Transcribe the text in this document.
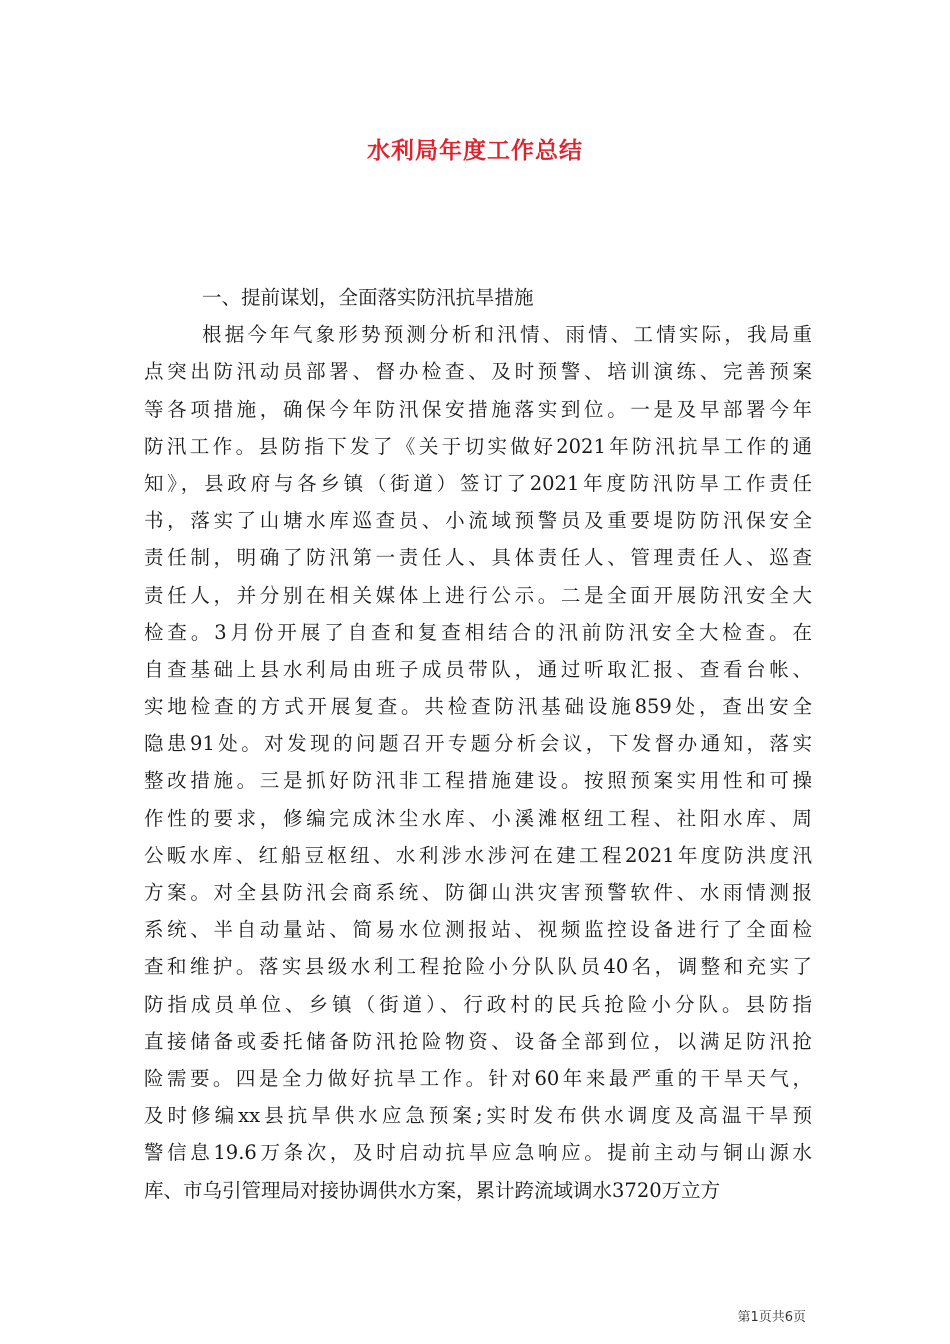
水利局年度工作总结
一、提前谋划，全面落实防汛抗旱措施
根据今年气象形势预测分析和汛情、雨情、工情实际，我局重
点突出防汛动员部署、督办检查、及时预警、培训演练、完善预案
等各项措施，确保今年防汛保安措施落实到位。一是及早部署今年
防汛工作。县防指下发了《关于切实做好2021年防汛抗旱工作的通
知》，县政府与各乡镇（街道）签订了2021年度防汛防旱工作责任
书，落实了山塘水库巡查员、小流域预警员及重要堤防防汛保安全
责任制，明确了防汛第一责任人、具体责任人、管理责任人、巡查
责任人，并分别在相关媒体上进行公示。二是全面开展防汛安全大
检查。3月份开展了自查和复查相结合的汛前防汛安全大检查。在
自查基础上县水利局由班子成员带队，通过听取汇报、查看台帐、
实地检查的方式开展复查。共检查防汛基础设施859处，查出安全
隐患91处。对发现的问题召开专题分析会议，下发督办通知，落实
整改措施。三是抓好防汛非工程措施建设。按照预案实用性和可操
作性的要求，修编完成沐尘水库、小溪滩枢纽工程、社阳水库、周
公畈水库、红船豆枢纽、水利涉水涉河在建工程2021年度防洪度汛
方案。对全县防汛会商系统、防御山洪灾害预警软件、水雨情测报
系统、半自动量站、简易水位测报站、视频监控设备进行了全面检
查和维护。落实县级水利工程抢险小分队队员40名，调整和充实了
防指成员单位、乡镇（街道）、行政村的民兵抢险小分队。县防指
直接储备或委托储备防汛抢险物资、设备全部到位，以满足防汛抢
险需要。四是全力做好抗旱工作。针对60年来最严重的干旱天气，
及时修编xx县抗旱供水应急预案;实时发布供水调度及高温干旱预
警信息19.6万条次，及时启动抗旱应急响应。提前主动与铜山源水
库、市乌引管理局对接协调供水方案，累计跨流域调水3720万立方
第1页共6页
